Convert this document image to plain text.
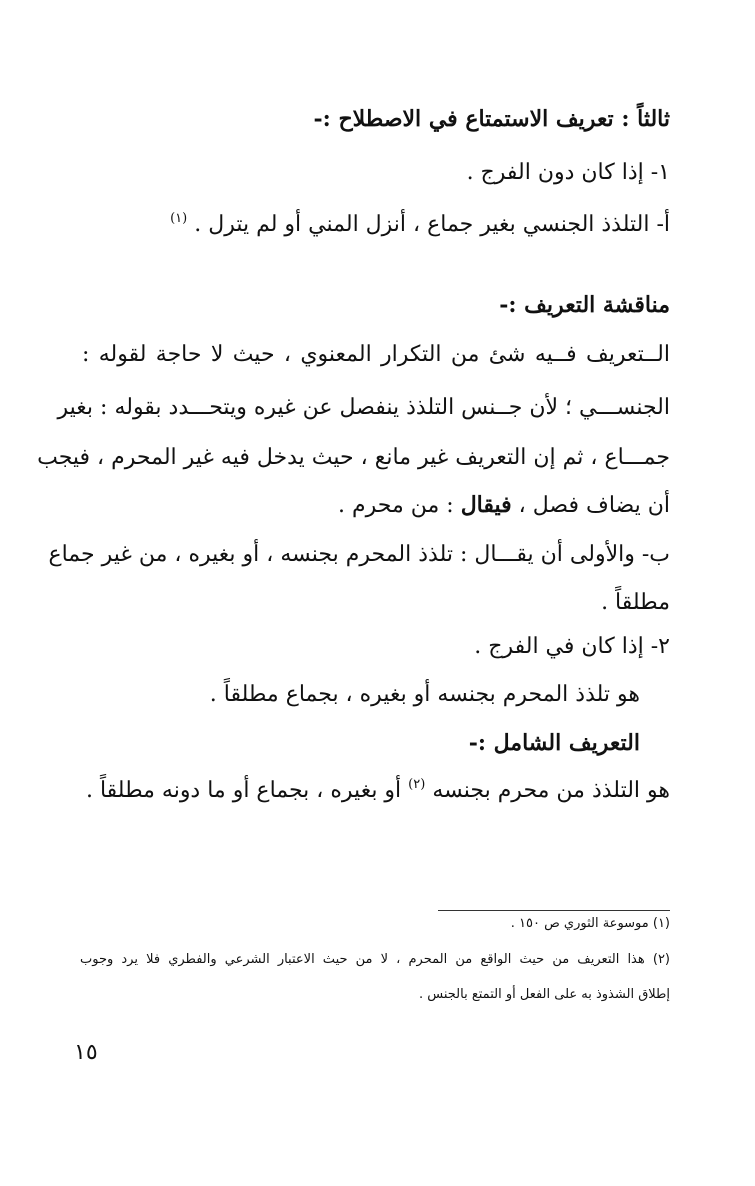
ثالثاً : تعريف الاستمتاع في الاصطلاح :-
١- إذا كان دون الفرج .
أ- التلذذ الجنسي بغير جماع ، أنزل المني أو لم يترل . $^{(١)}$
مناقشة التعريف :-
الــتعريف فــيه شئ من التكرار المعنوي ، حيث لا حاجة لقوله :
الجنســـي ؛ لأن جــنس التلذذ ينفصل عن غيره ويتحـــدد بقوله : بغير
جمـــاع ، ثم إن التعريف غير مانع ، حيث يدخل فيه غير المحرم ، فيجب
أن يضاف فصل ، فيقال : من محرم .
ب- والأولى أن يقـــال : تلذذ المحرم بجنسه ، أو بغيره ، من غير جماع
مطلقاً .
٢- إذا كان في الفرج .
هو تلذذ المحرم بجنسه أو بغيره ، بجماع مطلقاً .
التعريف الشامل :-
هو التلذذ من محرم بجنسه $^{(٢)}$ أو بغيره ، بجماع أو ما دونه مطلقاً .
(١) موسوعة الثوري ص ١٥٠ .
(٢) هذا التعريف من حيث الواقع من المحرم ، لا من حيث الاعتبار الشرعي والفطري فلا يرد وجوب
إطلاق الشذوذ به على الفعل أو التمتع بالجنس .
١٥
